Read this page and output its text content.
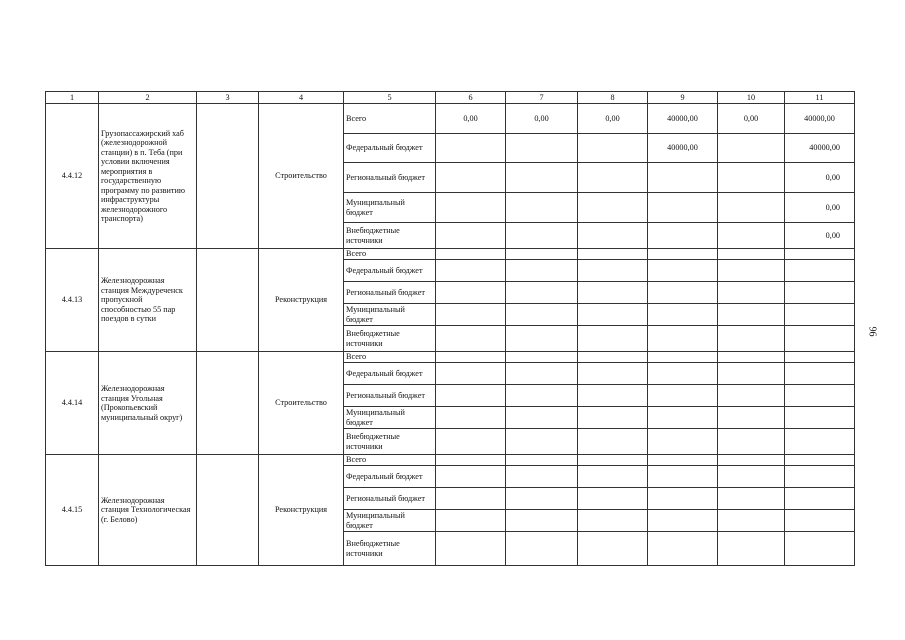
1	2	3	4	5	6	7	8	9	10	11
4.4.12	Грузопассажирский хаб (железнодорожной станции) в п. Теба (при условии включения мероприятия в государственную программу по развитию инфраструктуры железнодорожного транспорта)		Строительство	Всего	0,00	0,00	0,00	40000,00	0,00	40000,00
				Федеральный бюджет				40000,00		40000,00
				Региональный бюджет						0,00
				Муниципальный бюджет						0,00
				Внебюджетные источники						0,00
4.4.13	Железнодорожная станция Междуреченск пропускной способностью 55 пар поездов в сутки		Реконструкция	Всего						
				Федеральный бюджет						
				Региональный бюджет						
				Муниципальный бюджет						
				Внебюджетные источники						
4.4.14	Железнодорожная станция Угольная (Прокопьевский муниципальный округ)		Строительство	Всего						
				Федеральный бюджет						
				Региональный бюджет						
				Муниципальный бюджет						
				Внебюджетные источники						
4.4.15	Железнодорожная станция Технологическая (г. Белово)		Реконструкция	Всего						
				Федеральный бюджет						
				Региональный бюджет						
				Муниципальный бюджет						
				Внебюджетные источники						
96
